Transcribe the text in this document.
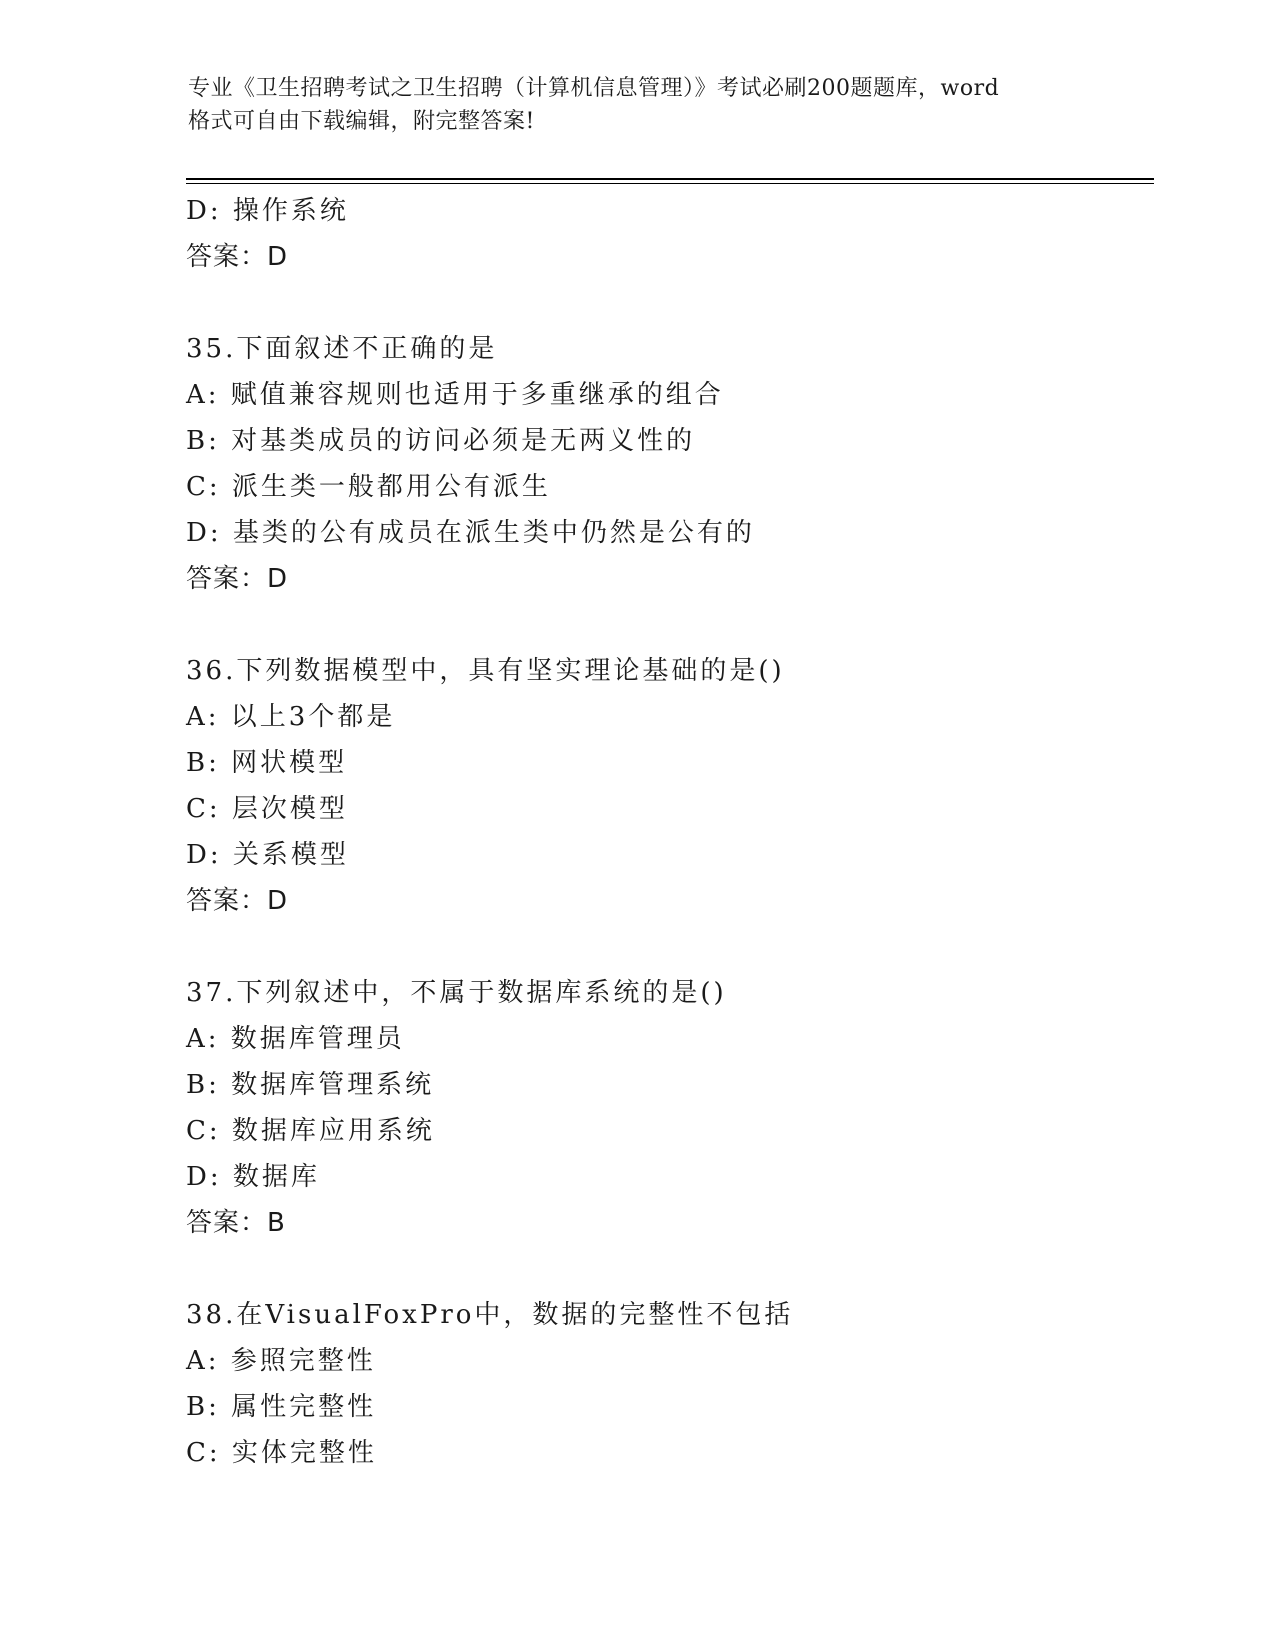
专业《卫生招聘考试之卫生招聘（计算机信息管理）》考试必刷200题题库，word
格式可自由下载编辑，附完整答案!
D: 操作系统
答案：D
35.下面叙述不正确的是
A: 赋值兼容规则也适用于多重继承的组合
B: 对基类成员的访问必须是无两义性的
C: 派生类一般都用公有派生
D: 基类的公有成员在派生类中仍然是公有的
答案：D
36.下列数据模型中，具有坚实理论基础的是()
A: 以上3个都是
B: 网状模型
C: 层次模型
D: 关系模型
答案：D
37.下列叙述中，不属于数据库系统的是()
A: 数据库管理员
B: 数据库管理系统
C: 数据库应用系统
D: 数据库
答案：B
38.在VisualFoxPro中，数据的完整性不包括
A: 参照完整性
B: 属性完整性
C: 实体完整性
